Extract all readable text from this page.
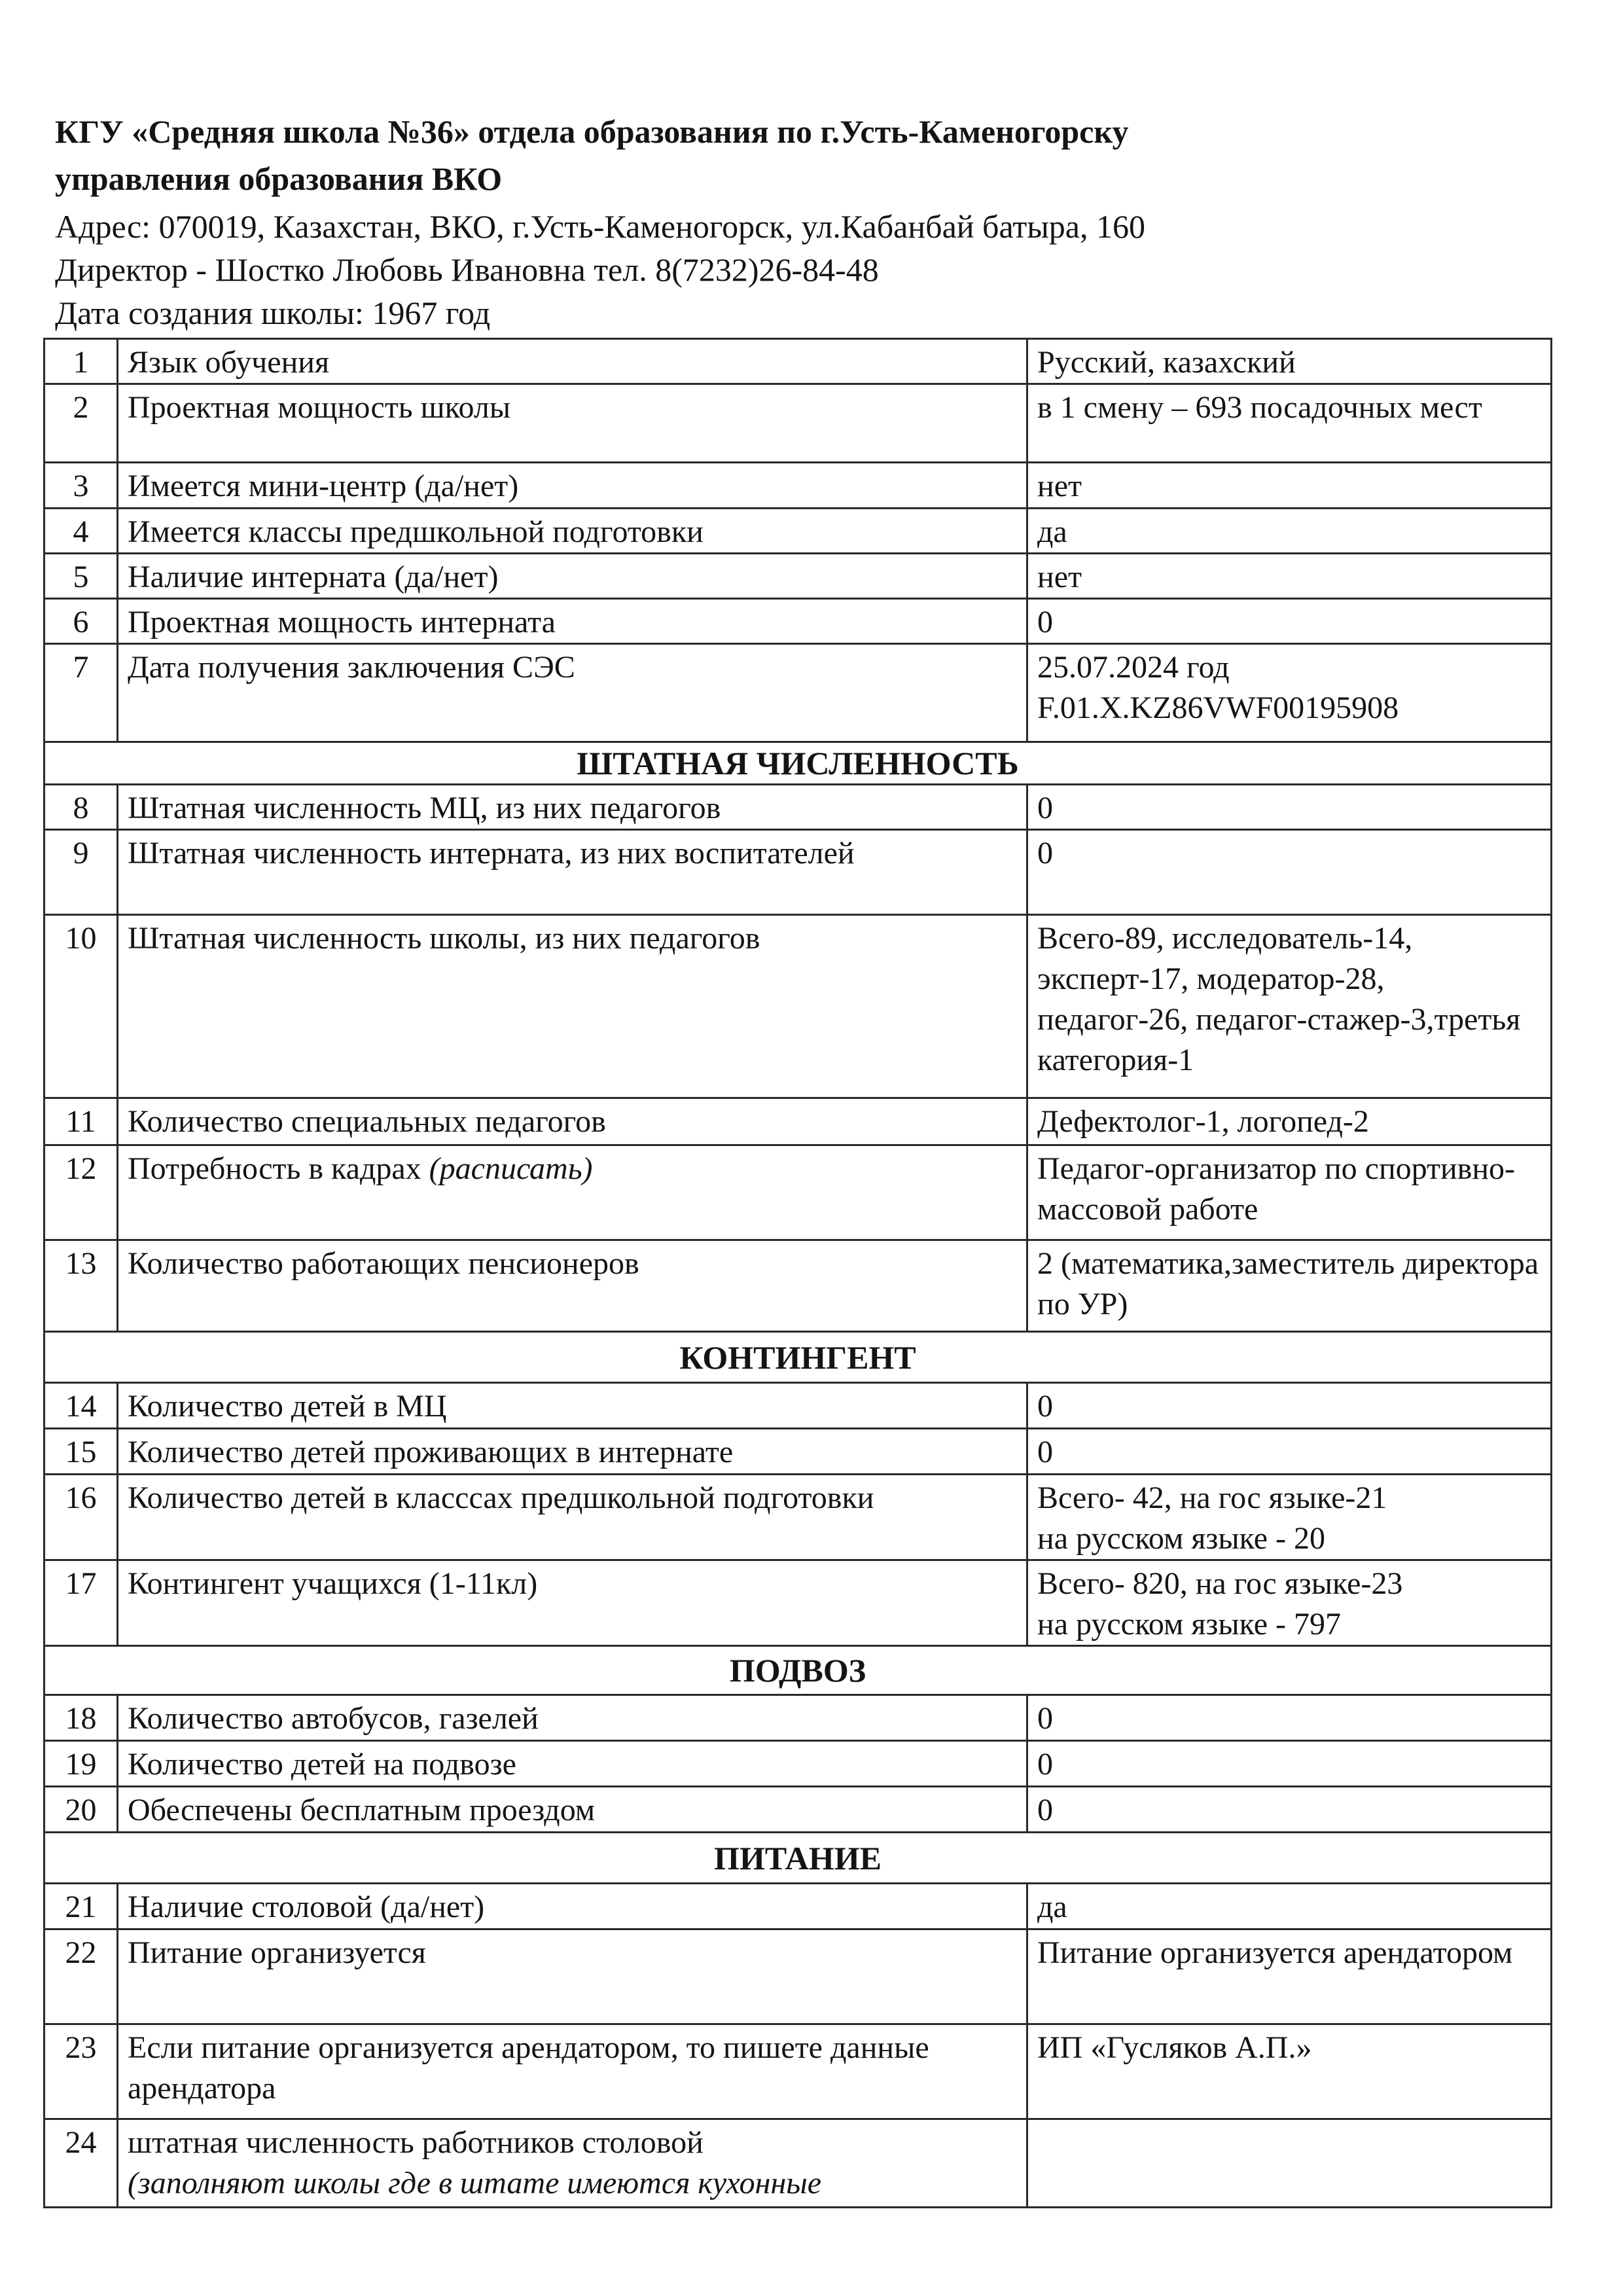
КГУ «Средняя школа №36» отдела образования по г.Усть-Каменогорску

управления образования ВКО

Адрес: 070019, Казахстан, ВКО, г.Усть-Каменогорск, ул.Кабанбай батыра, 160

Директор - Шостко Любовь Ивановна тел. 8(7232)26-84-48

Дата создания школы: 1967 год

1	Язык обучения	Русский, казахский
2	Проектная мощность школы	в 1 смену – 693 посадочных мест
3	Имеется мини-центр (да/нет)	нет
4	Имеется классы предшкольной подготовки	да
5	Наличие интерната (да/нет)	нет
6	Проектная мощность интерната	0
7	Дата получения заключения СЭС	25.07.2024 год
F.01.X.KZ86VWF00195908

ШТАТНАЯ ЧИСЛЕННОСТЬ		
8	Штатная численность МЦ, из них педагогов	0
9	Штатная численность интерната, из них воспитателей	0
10	Штатная численность школы, из них педагогов	Всего-89, исследователь-14, эксперт-17, модератор-28, педагог-26, педагог-стажер-3,третья категория-1
11	Количество специальных педагогов	Дефектолог-1, логопед-2
12	Потребность в кадрах (расписать)	Педагог-организатор по спортивно-массовой работе
13	Количество работающих пенсионеров	2 (математика,заместитель директора по УР)
КОНТИНГЕНТ		
14	Количество детей в МЦ	0
15	Количество детей проживающих в интернате	0
16	Количество детей в класссах предшкольной подготовки	Всего- 42, на гос языке-21
на русском языке - 20

17	Контингент учащихся (1-11кл)	Всего- 820, на гос языке-23
на русском языке - 797

ПОДВОЗ		
18	Количество автобусов, газелей	0
19	Количество детей на подвозе	0
20	Обеспечены бесплатным проездом	0
ПИТАНИЕ		
21	Наличие столовой (да/нет)	да
22	Питание организуется	Питание организуется арендатором
23	Если питание организуется арендатором, то пишете данные арендатора	ИП «Гусляков А.П.»
24	штатная численность работников столовой
(заполняют школы где в штате имеются кухонные	
